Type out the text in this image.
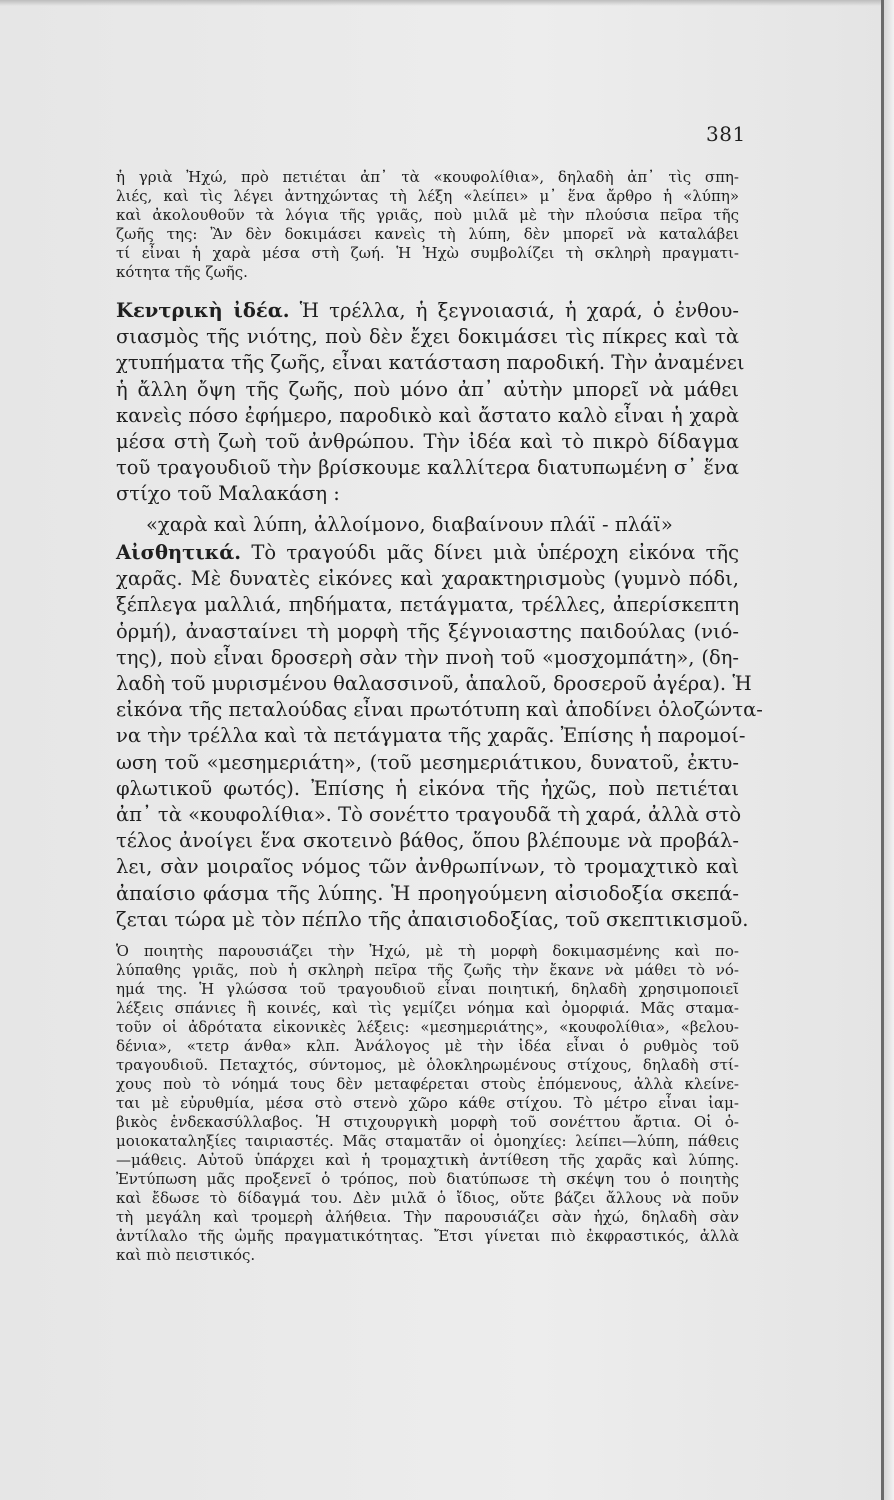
381
ἡ γριὰ Ἠχώ, πρὸ πετιέται ἀπ᾽ τὰ «κουφολίθια», δηλαδὴ ἀπ᾽ τὶς σπη-
λιές, καὶ τὶς λέγει ἀντηχώντας τὴ λέξη «λείπει» μ᾽ ἕνα ἄρθρο ἡ «λύπη»
καὶ ἀκολουθοῦν τὰ λόγια τῆς γριᾶς, ποὺ μιλᾶ μὲ τὴν πλούσια πεῖρα τῆς
ζωῆς της: Ἂν δὲν δοκιμάσει κανεὶς τὴ λύπη, δὲν μπορεῖ νὰ καταλάβει
τί εἶναι ἡ χαρὰ μέσα στὴ ζωή. Ἡ Ἠχὼ συμβολίζει τὴ σκληρὴ πραγματι-
κότητα τῆς ζωῆς.
Κεντρικὴ ἰδέα. Ἡ τρέλλα, ἡ ξεγνοιασιά, ἡ χαρά, ὁ ἐνθου-
σιασμὸς τῆς νιότης, ποὺ δὲν ἔχει δοκιμάσει τὶς πίκρες καὶ τὰ
χτυπήματα τῆς ζωῆς, εἶναι κατάσταση παροδική. Τὴν ἀναμένει
ἡ ἄλλη ὄψη τῆς ζωῆς, ποὺ μόνο ἀπ᾽ αὐτὴν μπορεῖ νὰ μάθει
κανεὶς πόσο ἐφήμερο, παροδικὸ καὶ ἄστατο καλὸ εἶναι ἡ χαρὰ
μέσα στὴ ζωὴ τοῦ ἀνθρώπου. Τὴν ἰδέα καὶ τὸ πικρὸ δίδαγμα
τοῦ τραγουδιοῦ τὴν βρίσκουμε καλλίτερα διατυπωμένη σ᾽ ἕνα
στίχο τοῦ Μαλακάση :
«χαρὰ καὶ λύπη, ἀλλοίμονο, διαβαίνουν πλάϊ - πλάϊ»
Αἰσθητικά. Τὸ τραγούδι μᾶς δίνει μιὰ ὑπέροχη εἰκόνα τῆς
χαρᾶς. Μὲ δυνατὲς εἰκόνες καὶ χαρακτηρισμοὺς (γυμνὸ πόδι,
ξέπλεγα μαλλιά, πηδήματα, πετάγματα, τρέλλες, ἀπερίσκεπτη
ὁρμή), ἀνασταίνει τὴ μορφὴ τῆς ξέγνοιαστης παιδούλας (νιό-
της), ποὺ εἶναι δροσερὴ σὰν τὴν πνοὴ τοῦ «μοσχομπάτη», (δη-
λαδὴ τοῦ μυρισμένου θαλασσινοῦ, ἁπαλοῦ, δροσεροῦ ἀγέρα). Ἡ
εἰκόνα τῆς πεταλούδας εἶναι πρωτότυπη καὶ ἀποδίνει ὁλοζώντα-
να τὴν τρέλλα καὶ τὰ πετάγματα τῆς χαρᾶς. Ἐπίσης ἡ παρομοί-
ωση τοῦ «μεσημεριάτη», (τοῦ μεσημεριάτικου, δυνατοῦ, ἐκτυ-
φλωτικοῦ φωτός). Ἐπίσης ἡ εἰκόνα τῆς ἠχῶς, ποὺ πετιέται
ἀπ᾽ τὰ «κουφολίθια». Τὸ σονέττο τραγουδᾶ τὴ χαρά, ἀλλὰ στὸ
τέλος ἀνοίγει ἕνα σκοτεινὸ βάθος, ὅπου βλέπουμε νὰ προβάλ-
λει, σὰν μοιραῖος νόμος τῶν ἀνθρωπίνων, τὸ τρομαχτικὸ καὶ
ἀπαίσιο φάσμα τῆς λύπης. Ἡ προηγούμενη αἰσιοδοξία σκεπά-
ζεται τώρα μὲ τὸν πέπλο τῆς ἀπαισιοδοξίας, τοῦ σκεπτικισμοῦ.
Ὁ ποιητὴς παρουσιάζει τὴν Ἠχώ, μὲ τὴ μορφὴ δοκιμασμένης καὶ πο-
λύπαθης γριᾶς, ποὺ ἡ σκληρὴ πεῖρα τῆς ζωῆς τὴν ἔκανε νὰ μάθει τὸ νό-
ημά της. Ἡ γλώσσα τοῦ τραγουδιοῦ εἶναι ποιητική, δηλαδὴ χρησιμοποιεῖ
λέξεις σπάνιες ἢ κοινές, καὶ τὶς γεμίζει νόημα καὶ ὀμορφιά. Μᾶς σταμα-
τοῦν οἱ ἀδρότατα εἰκονικὲς λέξεις: «μεσημεριάτης», «κουφολίθια», «βελου-
δένια», «τετρ άνθα» κλπ. Ἀνάλογος μὲ τὴν ἰδέα εἶναι ὁ ρυθμὸς τοῦ
τραγουδιοῦ. Πεταχτός, σύντομος, μὲ ὁλοκληρωμένους στίχους, δηλαδὴ στί-
χους ποὺ τὸ νόημά τους δὲν μεταφέρεται στοὺς ἑπόμενους, ἀλλὰ κλείνε-
ται μὲ εὐρυθμία, μέσα στὸ στενὸ χῶρο κάθε στίχου. Τὸ μέτρο εἶναι ἰαμ-
βικὸς ἑνδεκασύλλαβος. Ἡ στιχουργικὴ μορφὴ τοῦ σονέττου ἄρτια. Οἱ ὁ-
μοιοκαταληξίες ταιριαστές. Μᾶς σταματᾶν οἱ ὁμοηχίες: λείπει—λύπη, πάθεις
—μάθεις. Αὐτοῦ ὑπάρχει καὶ ἡ τρομαχτικὴ ἀντίθεση τῆς χαρᾶς καὶ λύπης.
Ἐντύπωση μᾶς προξενεῖ ὁ τρόπος, ποὺ διατύπωσε τὴ σκέψη του ὁ ποιητὴς
καὶ ἔδωσε τὸ δίδαγμά του. Δὲν μιλᾶ ὁ ἴδιος, οὔτε βάζει ἄλλους νὰ ποῦν
τὴ μεγάλη καὶ τρομερὴ ἀλήθεια. Τὴν παρουσιάζει σὰν ἠχώ, δηλαδὴ σὰν
ἀντίλαλο τῆς ὠμῆς πραγματικότητας. Ἔτσι γίνεται πιὸ ἐκφραστικός, ἀλλὰ
καὶ πιὸ πειστικός.
